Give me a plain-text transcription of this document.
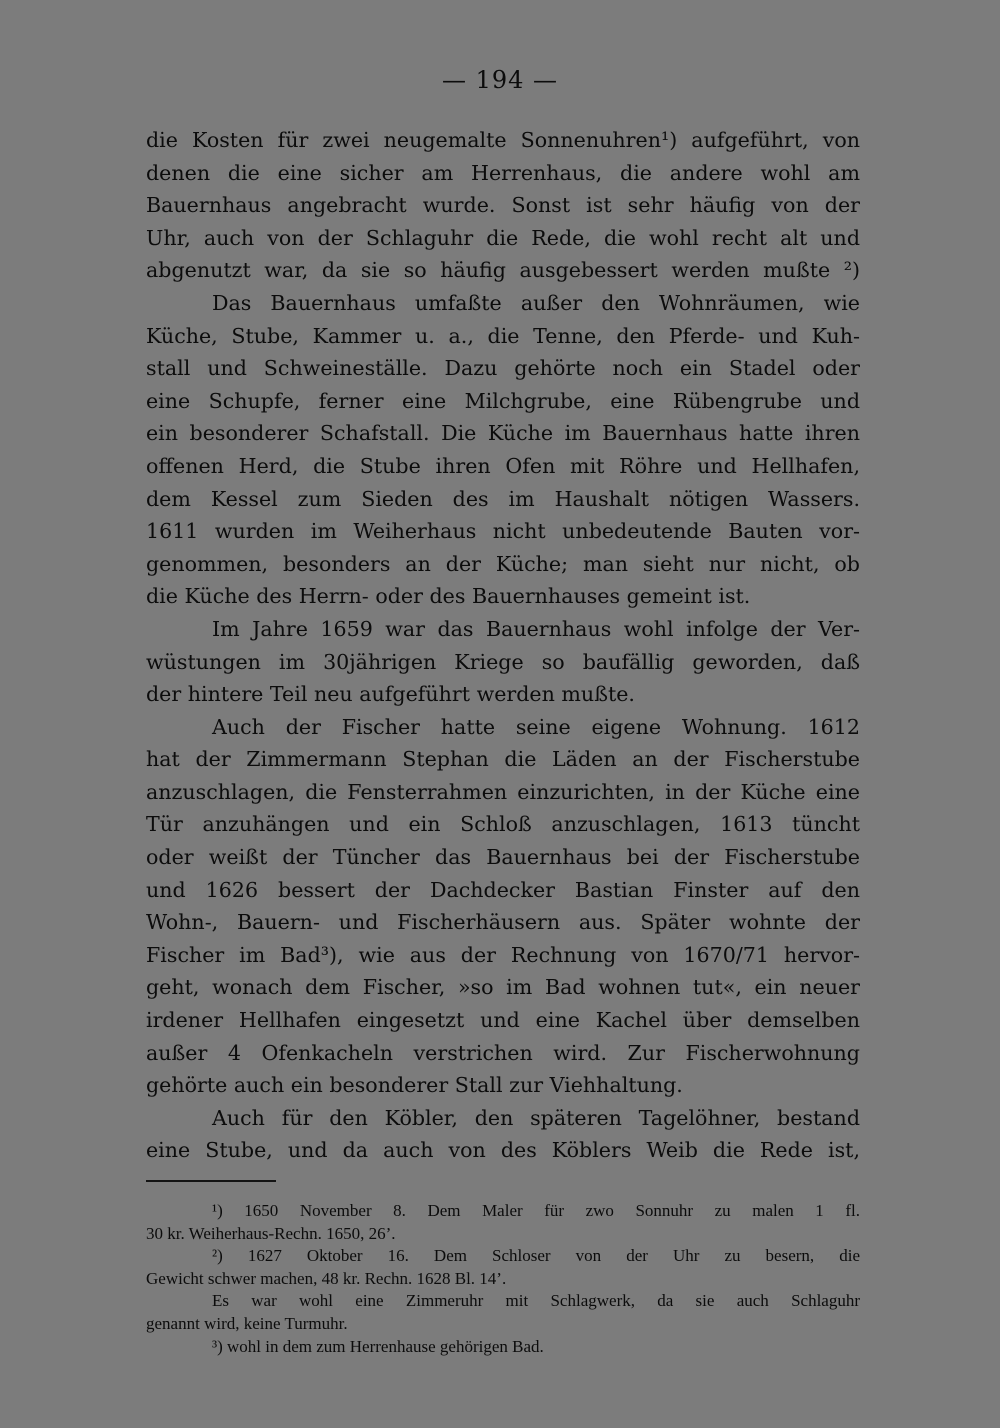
— 194 —
die Kosten für zwei neugemalte Sonnenuhren¹) aufgeführt, von
denen die eine sicher am Herrenhaus, die andere wohl am
Bauernhaus angebracht wurde. Sonst ist sehr häufig von der
Uhr, auch von der Schlaguhr die Rede, die wohl recht alt und
abgenutzt war, da sie so häufig ausgebessert werden mußte ²)
Das Bauernhaus umfaßte außer den Wohnräumen, wie
Küche, Stube, Kammer u. a., die Tenne, den Pferde- und Kuh-
stall und Schweineställe. Dazu gehörte noch ein Stadel oder
eine Schupfe, ferner eine Milchgrube, eine Rübengrube und
ein besonderer Schafstall. Die Küche im Bauernhaus hatte ihren
offenen Herd, die Stube ihren Ofen mit Röhre und Hellhafen,
dem Kessel zum Sieden des im Haushalt nötigen Wassers.
1611 wurden im Weiherhaus nicht unbedeutende Bauten vor-
genommen, besonders an der Küche; man sieht nur nicht, ob
die Küche des Herrn- oder des Bauernhauses gemeint ist.
Im Jahre 1659 war das Bauernhaus wohl infolge der Ver-
wüstungen im 30jährigen Kriege so baufällig geworden, daß
der hintere Teil neu aufgeführt werden mußte.
Auch der Fischer hatte seine eigene Wohnung. 1612
hat der Zimmermann Stephan die Läden an der Fischerstube
anzuschlagen, die Fensterrahmen einzurichten, in der Küche eine
Tür anzuhängen und ein Schloß anzuschlagen, 1613 tüncht
oder weißt der Tüncher das Bauernhaus bei der Fischerstube
und 1626 bessert der Dachdecker Bastian Finster auf den
Wohn-, Bauern- und Fischerhäusern aus. Später wohnte der
Fischer im Bad³), wie aus der Rechnung von 1670/71 hervor-
geht, wonach dem Fischer, »so im Bad wohnen tut«, ein neuer
irdener Hellhafen eingesetzt und eine Kachel über demselben
außer 4 Ofenkacheln verstrichen wird. Zur Fischerwohnung
gehörte auch ein besonderer Stall zur Viehhaltung.
Auch für den Köbler, den späteren Tagelöhner, bestand
eine Stube, und da auch von des Köblers Weib die Rede ist,
¹) 1650 November 8. Dem Maler für zwo Sonnuhr zu malen 1 fl.
30 kr. Weiherhaus-Rechn. 1650, 26’.
²) 1627 Oktober 16. Dem Schloser von der Uhr zu besern, die
Gewicht schwer machen, 48 kr. Rechn. 1628 Bl. 14’.
Es war wohl eine Zimmeruhr mit Schlagwerk, da sie auch Schlaguhr
genannt wird, keine Turmuhr.
³) wohl in dem zum Herrenhause gehörigen Bad.
